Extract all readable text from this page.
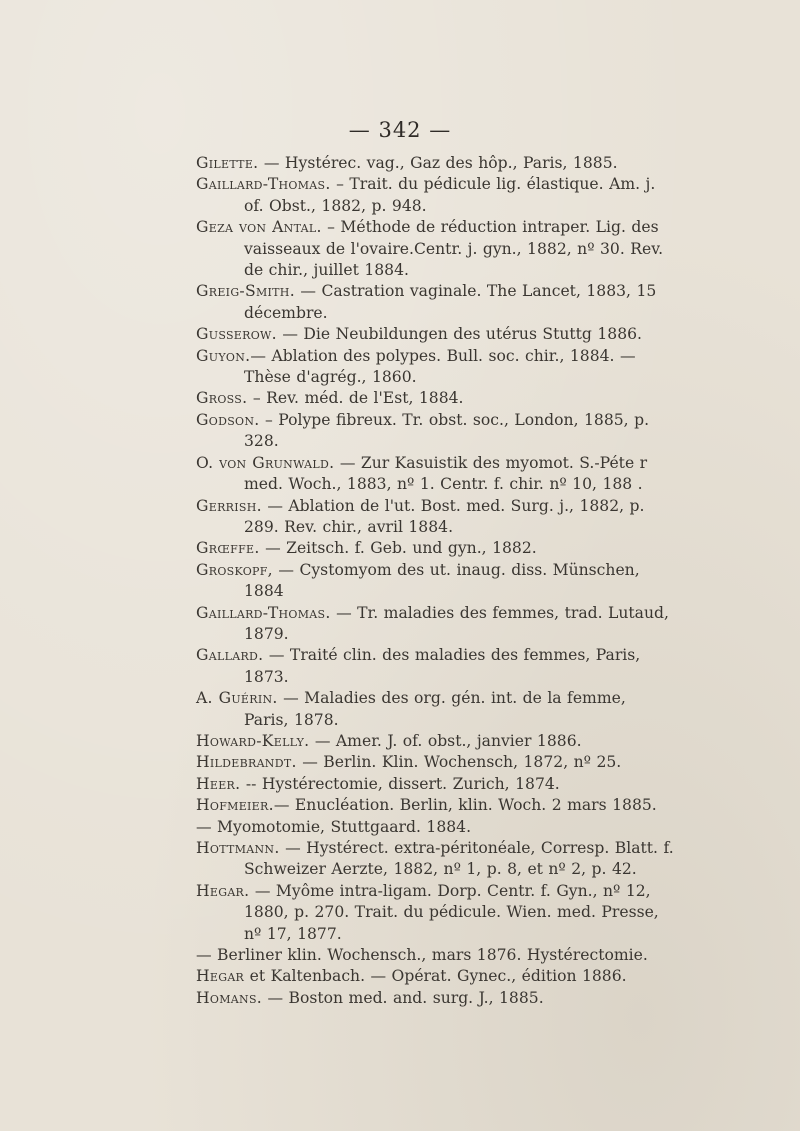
— 342 —
Gilette. — Hystérec. vag., Gaz des hôp., Paris, 1885.
Gaillard-Thomas. – Trait. du pédicule lig. élastique. Am. j. of. Obst., 1882, p. 948.
Geza von Antal. – Méthode de réduction intraper. Lig. des vaisseaux de l'ovaire.Centr. j. gyn., 1882, nº 30. Rev. de chir., juillet 1884.
Greig-Smith. — Castration vaginale. The Lancet, 1883, 15 décembre.
Gusserow. — Die Neubildungen des utérus Stuttg 1886.
Guyon.— Ablation des polypes. Bull. soc. chir., 1884. — Thèse d'agrég., 1860.
Gross. – Rev. méd. de l'Est, 1884.
Godson. – Polype fibreux. Tr. obst. soc., London, 1885, p. 328.
O. von Grunwald. — Zur Kasuistik des myomot. S.-Péte r med. Woch., 1883, nº 1. Centr. f. chir. nº 10, 188 .
Gerrish. — Ablation de l'ut. Bost. med. Surg. j., 1882, p. 289. Rev. chir., avril 1884.
Grœffe. — Zeitsch. f. Geb. und gyn., 1882.
Groskopf, — Cystomyom des ut. inaug. diss. Münschen, 1884
Gaillard-Thomas. — Tr. maladies des femmes, trad. Lutaud, 1879.
Gallard. — Traité clin. des maladies des femmes, Paris, 1873.
A. Guérin. — Maladies des org. gén. int. de la femme, Paris, 1878.
Howard-Kelly. — Amer. J. of. obst., janvier 1886.
Hildebrandt. — Berlin. Klin. Wochensch, 1872, nº 25.
Heer. -- Hystérectomie, dissert. Zurich, 1874.
Hofmeier.— Enucléation. Berlin, klin. Woch. 2 mars 1885.
— Myomotomie, Stuttgaard. 1884.
Hottmann. — Hystérect. extra-péritonéale, Corresp. Blatt. f. Schweizer Aerzte, 1882, nº 1, p. 8, et nº 2, p. 42.
Hegar. — Myôme intra-ligam. Dorp. Centr. f. Gyn., nº 12, 1880, p. 270. Trait. du pédicule. Wien. med. Presse, nº 17, 1877.
— Berliner klin. Wochensch., mars 1876. Hystérectomie.
Hegar et Kaltenbach. — Opérat. Gynec., édition 1886.
Homans. — Boston med. and. surg. J., 1885.
